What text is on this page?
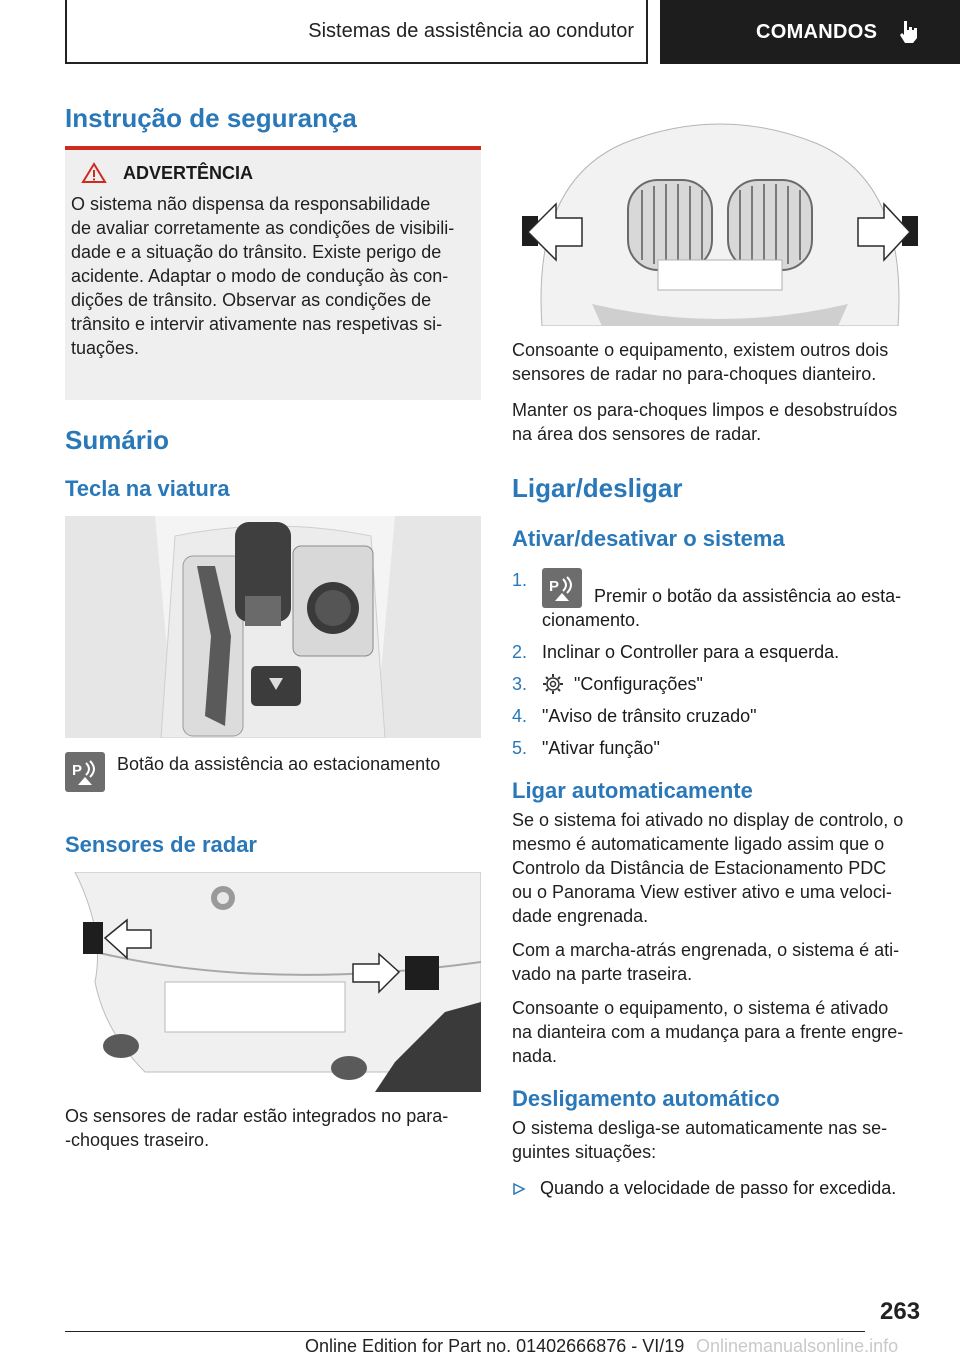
Sistemas de assistência ao condutor	COMANDOS
Instrução de segurança
ADVERTÊNCIA

O sistema não dispensa da responsabilidade

de avaliar corretamente as condições de visibili-

dade e a situação do trânsito. Existe perigo de

acidente. Adaptar o modo de condução às con-

dições de trânsito. Observar as condições de

trânsito e intervir ativamente nas respetivas si-

tuações.

Sumário
Tecla na viatura
P Botão da assistência ao estacionamento

Sensores de radar

Os sensores de radar estão integrados no para-

-choques traseiro.

Consoante o equipamento, existem outros dois

sensores de radar no para-choques dianteiro.

Manter os para-choques limpos e desobstruídos

na área dos sensores de radar.

Ligar/desligar
Ativar/desativar o sistema
1.	P Premir o botão da assistência ao esta-
cionamento.
2. Inclinar o Controller para a esquerda.
3.	"Configurações"
4. "Aviso de trânsito cruzado"
5. "Ativar função"
Ligar automaticamente

Se o sistema foi ativado no display de controlo, o

mesmo é automaticamente ligado assim que o

Controlo da Distância de Estacionamento PDC

ou o Panorama View estiver ativo e uma veloci-

dade engrenada.

Com a marcha-atrás engrenada, o sistema é ati-

vado na parte traseira.

Consoante o equipamento, o sistema é ativado

na dianteira com a mudança para a frente engre-

nada.

Desligamento automático

O sistema desliga-se automaticamente nas se-

guintes situações:

Quando a velocidade de passo for excedida.
263
Online Edition for Part no. 01402666876 - VI/19 Onlinemanualsonline.info
